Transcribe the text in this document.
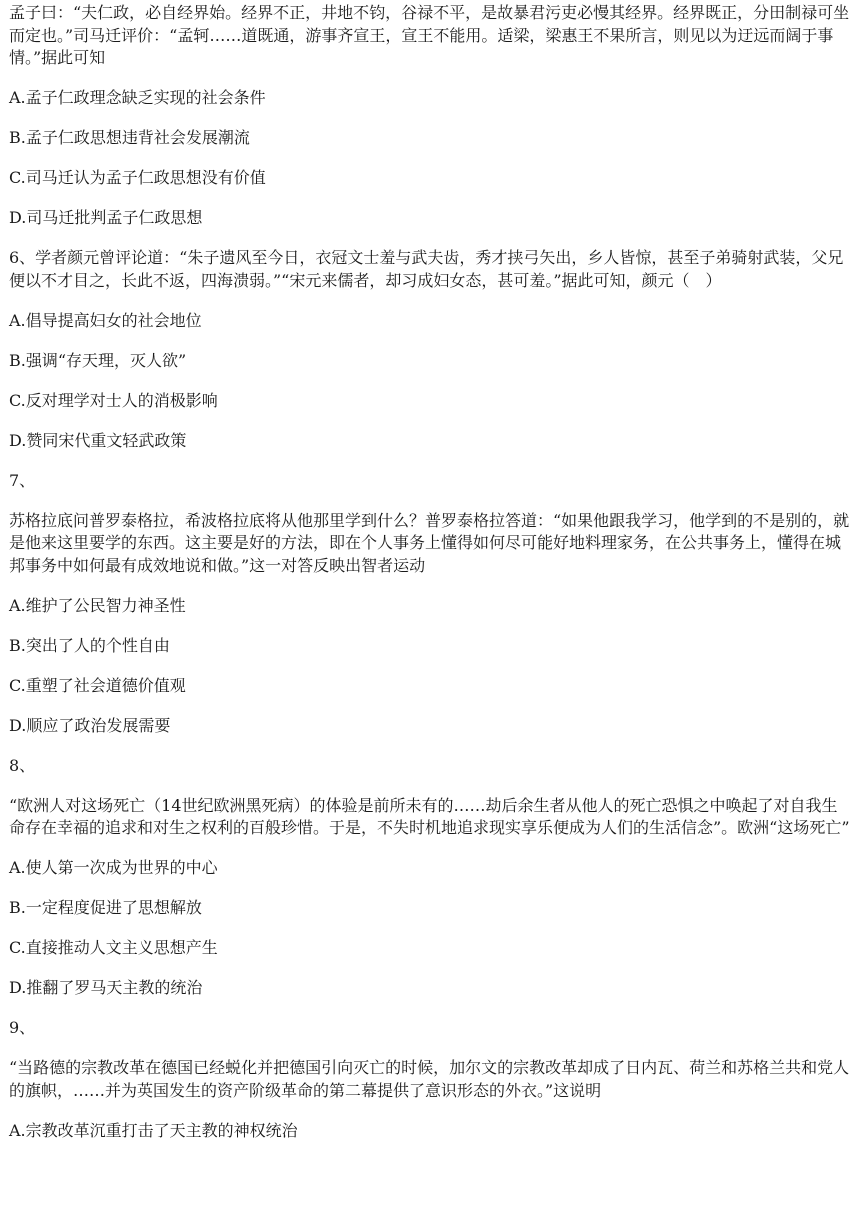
孟子曰：“夫仁政，必自经界始。经界不正，井地不钧，谷禄不平，是故暴君污吏必慢其经界。经界既正，分田制禄可坐而定也。”司马迁评价：“孟轲……道既通，游事齐宣王，宣王不能用。适梁，梁惠王不果所言，则见以为迂远而阔于事情。”据此可知

A.孟子仁政理念缺乏实现的社会条件

B.孟子仁政思想违背社会发展潮流

C.司马迁认为孟子仁政思想没有价值

D.司马迁批判孟子仁政思想

6、学者颜元曾评论道：“朱子遗风至今日，衣冠文士羞与武夫齿，秀才挟弓矢出，乡人皆惊，甚至子弟骑射武装，父兄便以不才目之，长此不返，四海溃弱。”“宋元来儒者，却习成妇女态，甚可羞。”据此可知，颜元（　）

A.倡导提高妇女的社会地位

B.强调“存天理，灭人欲”

C.反对理学对士人的消极影响

D.赞同宋代重文轻武政策

7、

苏格拉底问普罗泰格拉，希波格拉底将从他那里学到什么？普罗泰格拉答道：“如果他跟我学习，他学到的不是别的，就是他来这里要学的东西。这主要是好的方法，即在个人事务上懂得如何尽可能好地料理家务，在公共事务上，懂得在城邦事务中如何最有成效地说和做。”这一对答反映出智者运动

A.维护了公民智力神圣性

B.突出了人的个性自由

C.重塑了社会道德价值观

D.顺应了政治发展需要

8、

“欧洲人对这场死亡（14世纪欧洲黑死病）的体验是前所未有的……劫后余生者从他人的死亡恐惧之中唤起了对自我生命存在幸福的追求和对生之权利的百般珍惜。于是，不失时机地追求现实享乐便成为人们的生活信念”。欧洲“这场死亡”

A.使人第一次成为世界的中心

B.一定程度促进了思想解放

C.直接推动人文主义思想产生

D.推翻了罗马天主教的统治

9、

“当路德的宗教改革在德国已经蜕化并把德国引向灭亡的时候，加尔文的宗教改革却成了日内瓦、荷兰和苏格兰共和党人的旗帜，……并为英国发生的资产阶级革命的第二幕提供了意识形态的外衣。”这说明

A.宗教改革沉重打击了天主教的神权统治
